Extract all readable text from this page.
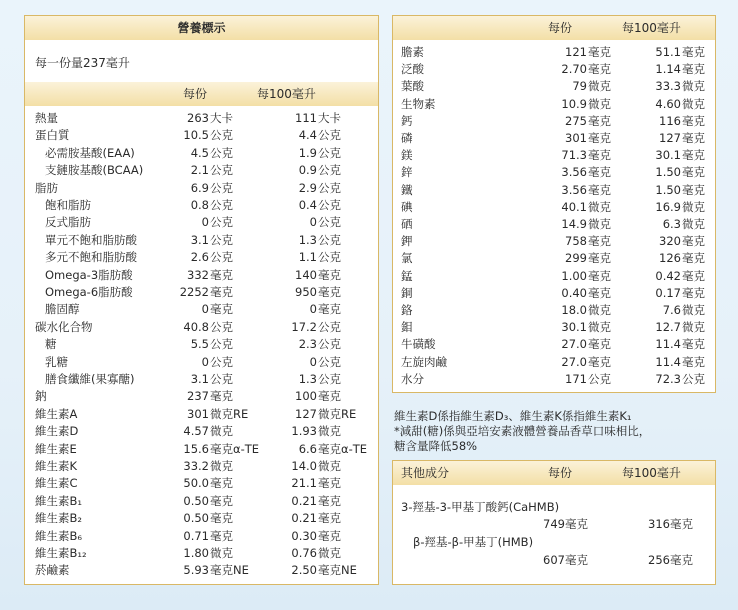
營養標示
每一份量237毫升
每份	每100毫升
熱量	263 大卡	111 大卡
蛋白質	10.5 公克	4.4 公克
必需胺基酸(EAA)	4.5 公克	1.9 公克
支鏈胺基酸(BCAA)	2.1 公克	0.9 公克
脂肪	6.9 公克	2.9 公克
飽和脂肪	0.8 公克	0.4 公克
反式脂肪	0 公克	0 公克
單元不飽和脂肪酸	3.1 公克	1.3 公克
多元不飽和脂肪酸	2.6 公克	1.1 公克
Omega-3脂肪酸	332 毫克	140 毫克
Omega-6脂肪酸	2252 毫克	950 毫克
膽固醇	0 毫克	0 毫克
碳水化合物	40.8 公克	17.2 公克
糖	5.5 公克	2.3 公克
乳糖	0 公克	0 公克
膳食纖維(果寡醣)	3.1 公克	1.3 公克
鈉	237 毫克	100 毫克
維生素A	301 微克RE	127 微克RE
維生素D	4.57 微克	1.93 微克
維生素E	15.6 毫克α-TE	6.6 毫克α-TE
維生素K	33.2 微克	14.0 微克
維生素C	50.0 毫克	21.1 毫克
維生素B₁	0.50 毫克	0.21 毫克
維生素B₂	0.50 毫克	0.21 毫克
維生素B₆	0.71 毫克	0.30 毫克
維生素B₁₂	1.80 微克	0.76 微克
菸鹼素	5.93 毫克NE	2.50 毫克NE
每份	每100毫升
膽素	121 毫克	51.1 毫克
泛酸	2.70 毫克	1.14 毫克
葉酸	79 微克	33.3 微克
生物素	10.9 微克	4.60 微克
鈣	275 毫克	116 毫克
磷	301 毫克	127 毫克
鎂	71.3 毫克	30.1 毫克
鋅	3.56 毫克	1.50 毫克
鐵	3.56 毫克	1.50 毫克
碘	40.1 微克	16.9 微克
硒	14.9 微克	6.3 微克
鉀	758 毫克	320 毫克
氯	299 毫克	126 毫克
錳	1.00 毫克	0.42 毫克
銅	0.40 毫克	0.17 毫克
鉻	18.0 微克	7.6 微克
鉬	30.1 微克	12.7 微克
牛磺酸	27.0 毫克	11.4 毫克
左旋肉鹼	27.0 毫克	11.4 毫克
水分	171 公克	72.3 公克
維生素D係指維生素D₃、維生素K係指維生素K₁
*減甜(糖)係與亞培安素液體營養品香草口味相比，
糖含量降低58%
其他成分	每份	每100毫升
3-羥基-3-甲基丁酸鈣(CaHMB)
749毫克	316毫克
β-羥基-β-甲基丁(HMB)
607毫克	256毫克
